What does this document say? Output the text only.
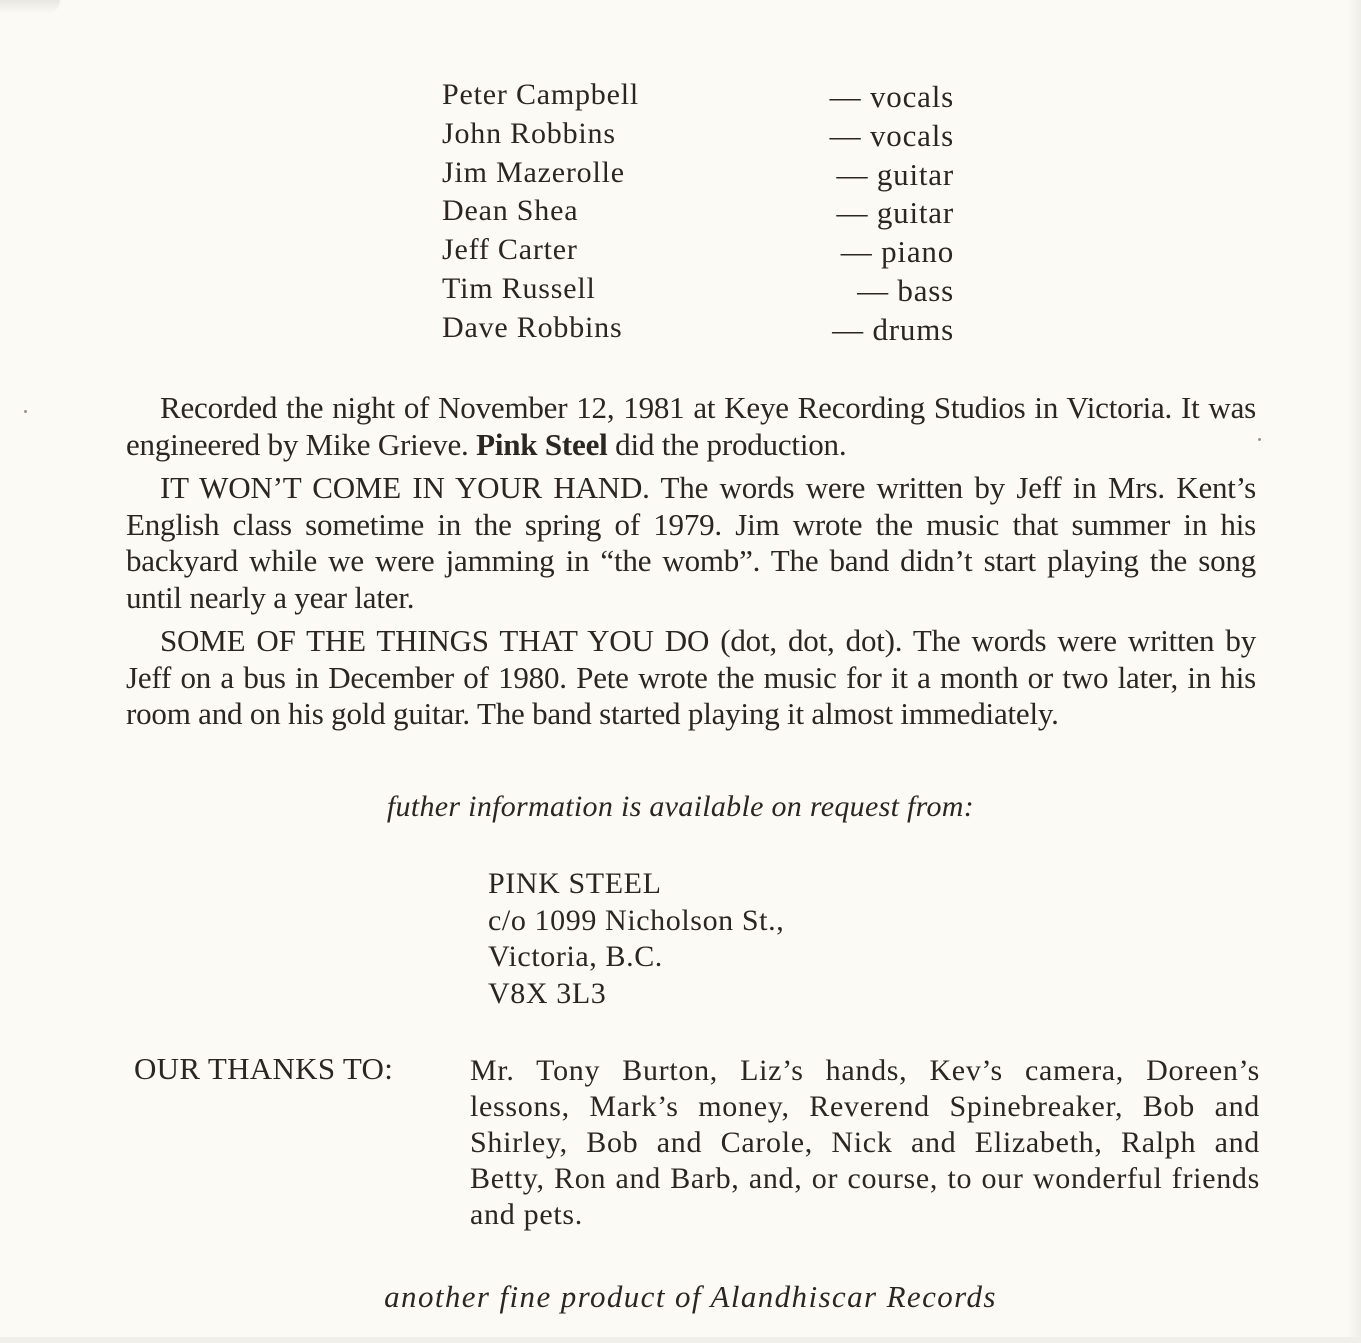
Peter Campbell	— vocals
John Robbins	— vocals
Jim Mazerolle	— guitar
Dean Shea	— guitar
Jeff Carter	— piano
Tim Russell	— bass
Dave Robbins	— drums

Recorded the night of November 12, 1981 at Keye Recording Studios in Victoria. It was engineered by Mike Grieve. Pink Steel did the production.

IT WON’T COME IN YOUR HAND. The words were written by Jeff in Mrs. Kent’s English class sometime in the spring of 1979. Jim wrote the music that summer in his backyard while we were jamming in “the womb”. The band didn’t start playing the song until nearly a year later.

SOME OF THE THINGS THAT YOU DO (dot, dot, dot). The words were written by Jeff on a bus in December of 1980. Pete wrote the music for it a month or two later, in his room and on his gold guitar. The band started playing it almost immediately.

futher information is available on request from:
PINK STEEL
c/o 1099 Nicholson St.,
Victoria, B.C.
V8X 3L3
OUR THANKS TO:	Mr. Tony Burton, Liz’s hands, Kev’s camera, Doreen’s lessons, Mark’s money, Reverend Spinebreaker, Bob and Shirley, Bob and Carole, Nick and Elizabeth, Ralph and Betty, Ron and Barb, and, or course, to our wonderful friends and pets.
another fine product of Alandhiscar Records
